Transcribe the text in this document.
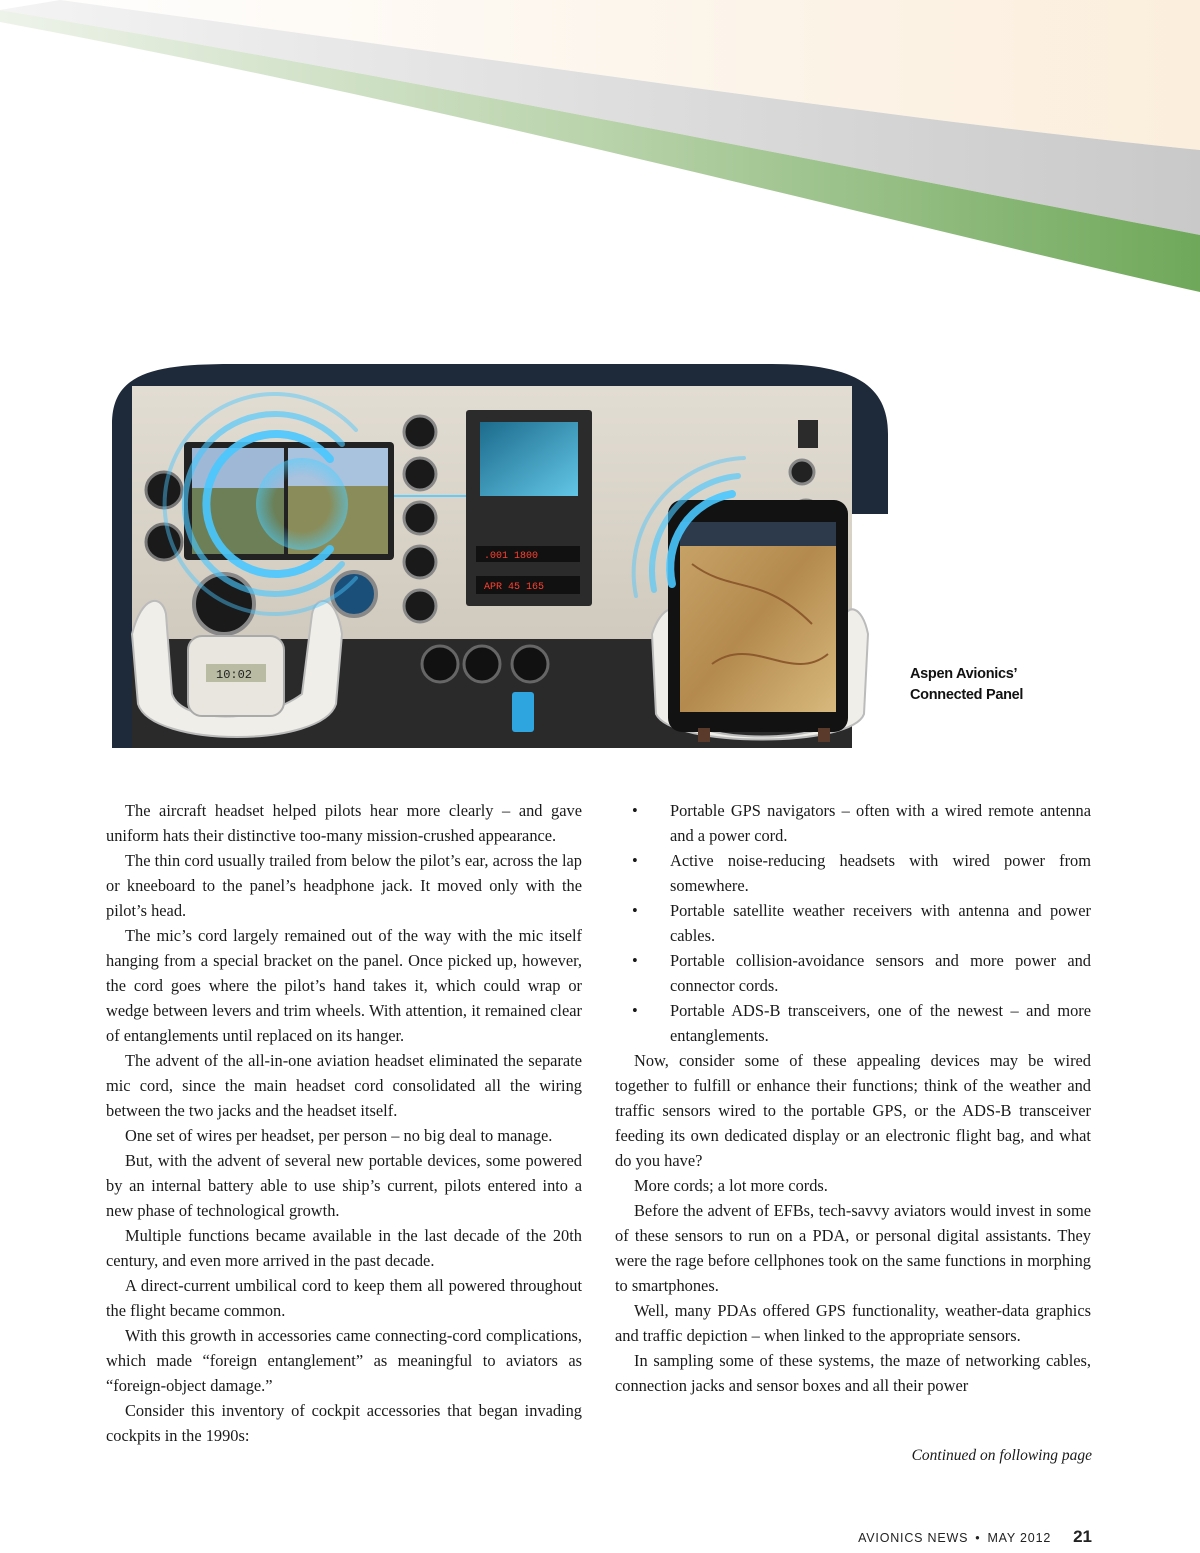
.001 1800
APR 45 165
10:02	Aspen Avionics’
Connected Panel

The aircraft headset helped pilots hear more clearly – and gave uniform hats their distinctive too-many mission-crushed appearance.

The thin cord usually trailed from below the pilot’s ear, across the lap or kneeboard to the panel’s headphone jack. It moved only with the pilot’s head.

The mic’s cord largely remained out of the way with the mic itself hanging from a special bracket on the panel. Once picked up, however, the cord goes where the pilot’s hand takes it, which could wrap or wedge between levers and trim wheels. With attention, it remained clear of entanglements until replaced on its hanger.

The advent of the all-in-one aviation headset eliminated the separate mic cord, since the main headset cord consolidated all the wiring between the two jacks and the headset itself.

One set of wires per headset, per person – no big deal to manage.

But, with the advent of several new portable devices, some powered by an internal battery able to use ship’s current, pilots entered into a new phase of technological growth.

Multiple functions became available in the last decade of the 20th century, and even more arrived in the past decade.

A direct-current umbilical cord to keep them all powered throughout the flight became common.

With this growth in accessories came connecting-cord complications, which made “foreign entanglement” as meaningful to aviators as “foreign-object damage.”

Consider this inventory of cockpit accessories that began invading cockpits in the 1990s:

• Portable GPS navigators – often with a wired remote antenna and a power cord.
• Active noise-reducing headsets with wired power from somewhere.
• Portable satellite weather receivers with antenna and power cables.
• Portable collision-avoidance sensors and more power and connector cords.
• Portable ADS-B transceivers, one of the newest – and more entanglements.

Now, consider some of these appealing devices may be wired together to fulfill or enhance their functions; think of the weather and traffic sensors wired to the portable GPS, or the ADS-B transceiver feeding its own dedicated display or an electronic flight bag, and what do you have?

More cords; a lot more cords.

Before the advent of EFBs, tech-savvy aviators would invest in some of these sensors to run on a PDA, or personal digital assistants. They were the rage before cellphones took on the same functions in morphing to smartphones.

Well, many PDAs offered GPS functionality, weather-data graphics and traffic depiction – when linked to the appropriate sensors.

In sampling some of these systems, the maze of networking cables, connection jacks and sensor boxes and all their power

Continued on following page
AVIONICS NEWS • MAY 2012 21
